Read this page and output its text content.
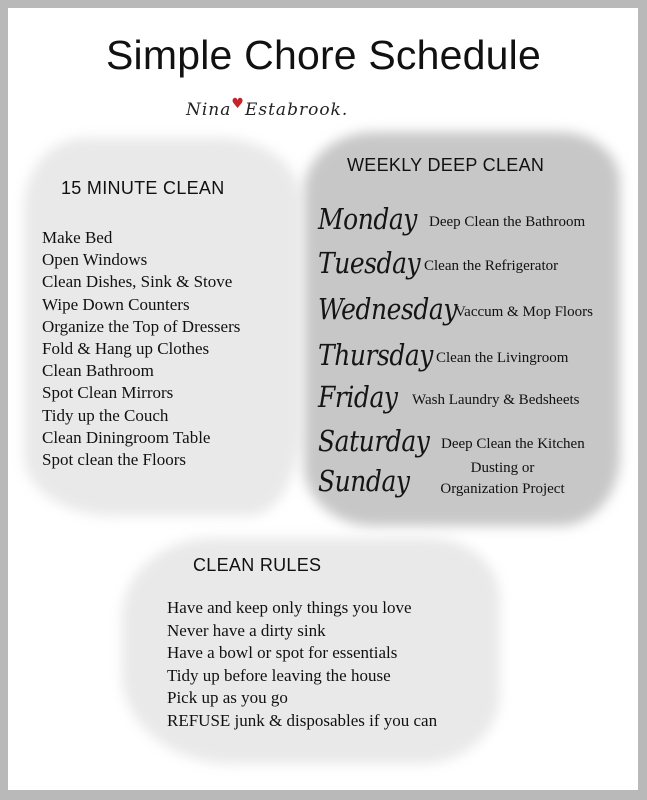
Simple Chore Schedule
Nina♥Estabrook.
15 MINUTE CLEAN
Make Bed
Open Windows
Clean Dishes, Sink & Stove
Wipe Down Counters
Organize the Top of Dressers
Fold & Hang up Clothes
Clean Bathroom
Spot Clean Mirrors
Tidy up the Couch
Clean Diningroom Table
Spot clean the Floors
WEEKLY DEEP CLEAN
Monday Deep Clean the Bathroom
Tuesday Clean the Refrigerator
Wednesday
Vaccum & Mop Floors
Thursday Clean the Livingroom
Friday Wash Laundry & Bedsheets
Saturday Deep Clean the Kitchen
Sunday	Dusting or
Organization Project
CLEAN RULES
Have and keep only things you love
Never have a dirty sink
Have a bowl or spot for essentials
Tidy up before leaving the house
Pick up as you go
REFUSE junk & disposables if you can
